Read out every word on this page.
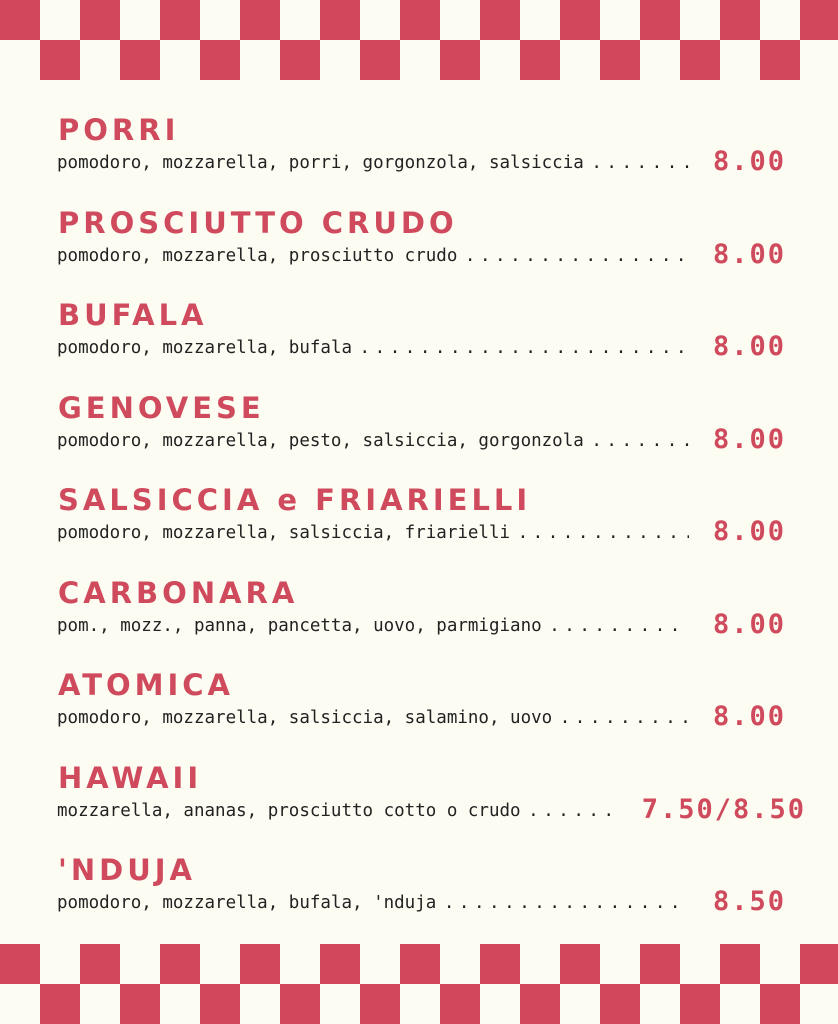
PORRI
pomodoro, mozzarella, porri, gorgonzola, salsiccia . . .	8.00
PROSCIUTTO CRUDO
pomodoro, mozzarella, prosciutto crudo . . .	8.00
BUFALA
pomodoro, mozzarella, bufala . . .	8.00
GENOVESE
pomodoro, mozzarella, pesto, salsiccia, gorgonzola . . .	8.00
SALSICCIA e FRIARIELLI
pomodoro, mozzarella, salsiccia, friarielli . . .	8.00
CARBONARA
pom., mozz., panna, pancetta, uovo, parmigiano . . .	8.00
ATOMICA
pomodoro, mozzarella, salsiccia, salamino, uovo . . .	8.00
HAWAII
mozzarella, ananas, prosciutto cotto o crudo . . .	7.50/8.50
'NDUJA
pomodoro, mozzarella, bufala, 'nduja . . .	8.50
